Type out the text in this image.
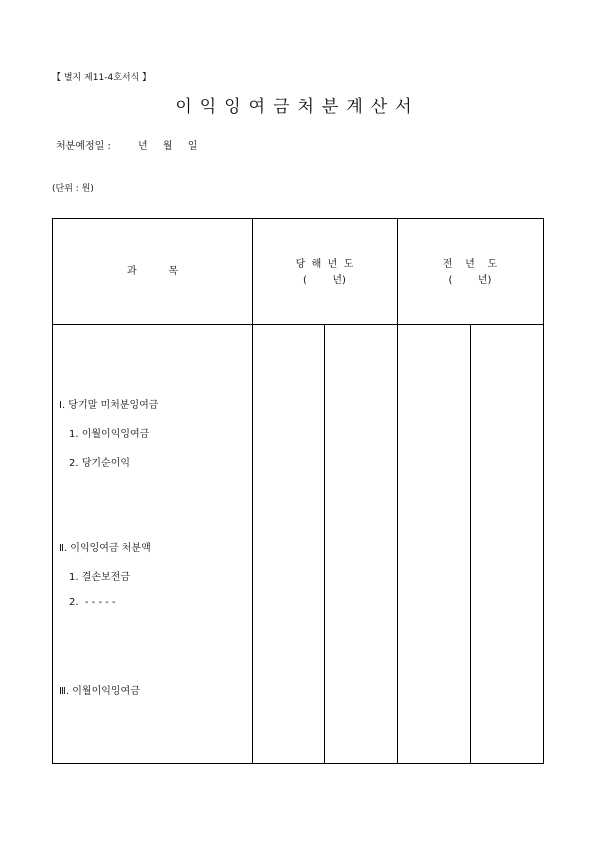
【 별지 제11-4호서식 】
이익잉여금처분계산서
처분예정일 :	년 월 일
(단위 : 원)
과          목
당  해  년  도
(        년)
전    년    도
(        년)
Ⅰ. 당기말 미처분잉여금
1. 이월이익잉여금
2. 당기순이익
Ⅱ. 이익잉여금 처분액
1. 결손보전금
2.  - - - - -
Ⅲ. 이월이익잉여금
